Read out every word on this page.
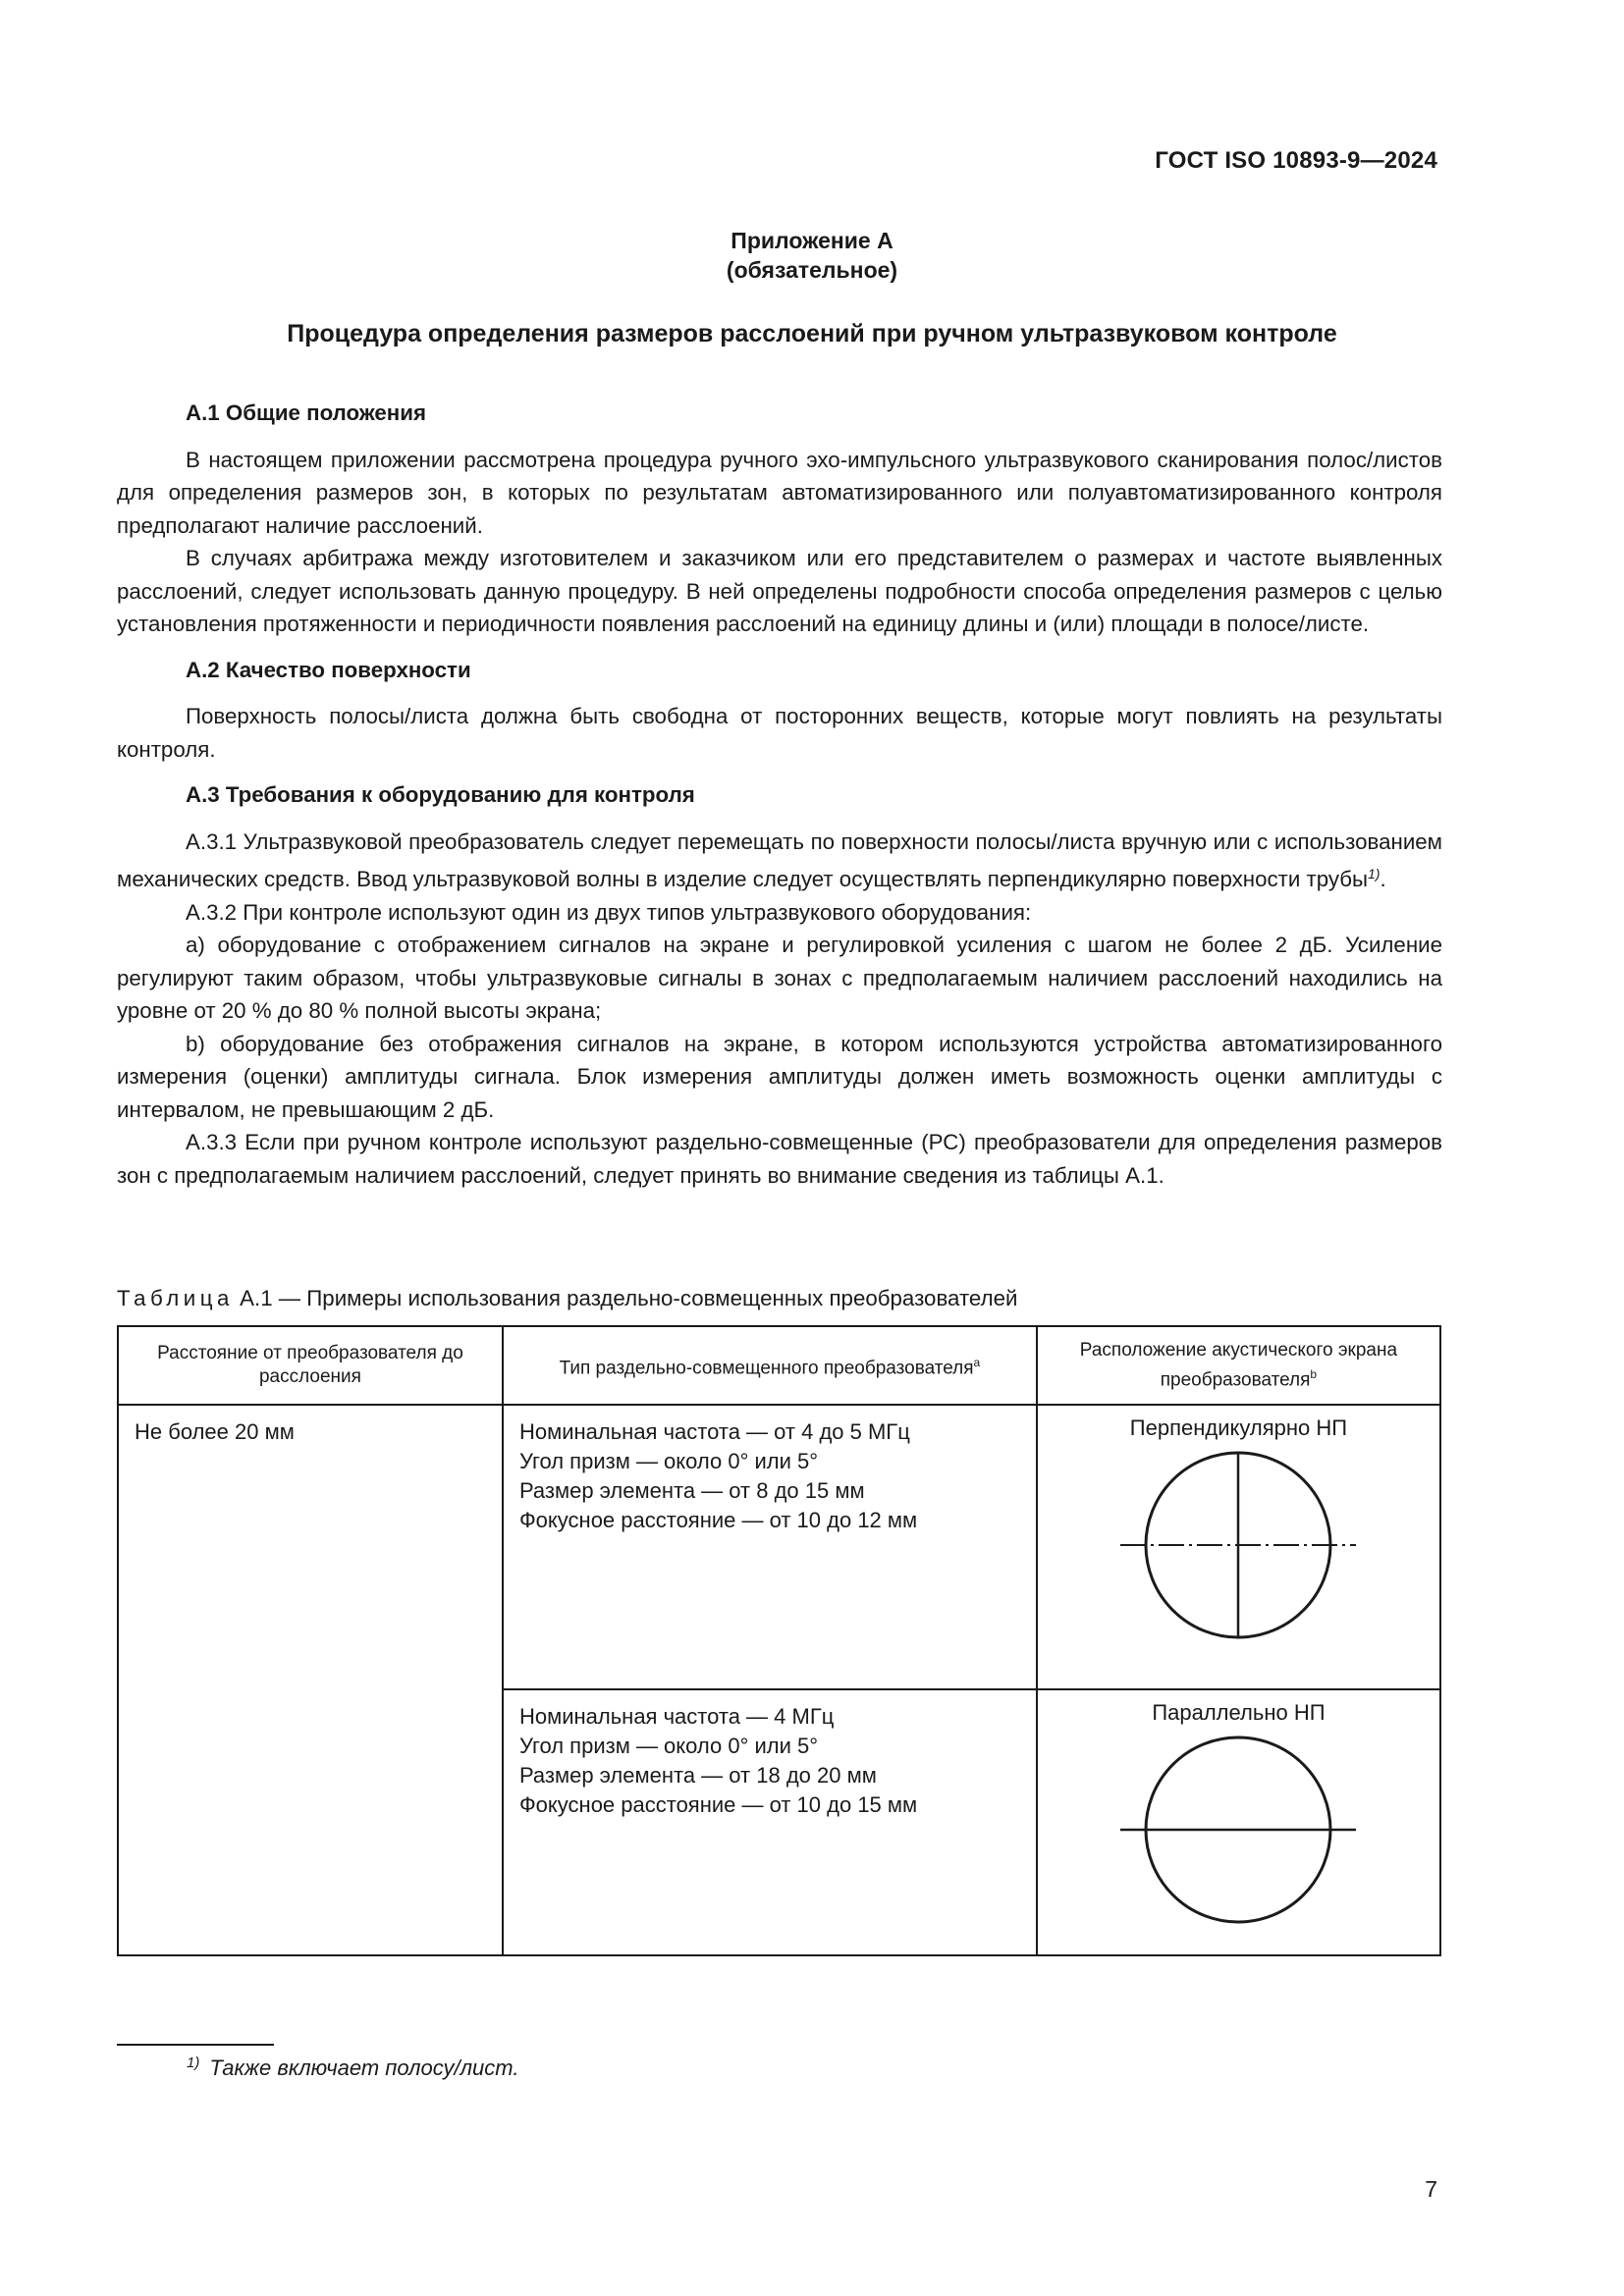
ГОСТ ISO 10893-9—2024
Приложение А
(обязательное)
Процедура определения размеров расслоений при ручном ультразвуковом контроле
А.1 Общие положения

В настоящем приложении рассмотрена процедура ручного эхо-импульсного ультразвукового сканирования полос/листов для определения размеров зон, в которых по результатам автоматизированного или полуавтоматизированного контроля предполагают наличие расслоений.

В случаях арбитража между изготовителем и заказчиком или его представителем о размерах и частоте выявленных расслоений, следует использовать данную процедуру. В ней определены подробности способа определения размеров с целью установления протяженности и периодичности появления расслоений на единицу длины и (или) площади в полосе/листе.

А.2 Качество поверхности

Поверхность полосы/листа должна быть свободна от посторонних веществ, которые могут повлиять на результаты контроля.

А.3 Требования к оборудованию для контроля

А.3.1 Ультразвуковой преобразователь следует перемещать по поверхности полосы/листа вручную или с использованием механических средств. Ввод ультразвуковой волны в изделие следует осуществлять перпендикулярно поверхности трубы$^{1)}$.

А.3.2 При контроле используют один из двух типов ультразвукового оборудования:

a) оборудование с отображением сигналов на экране и регулировкой усиления с шагом не более 2 дБ. Усиление регулируют таким образом, чтобы ультразвуковые сигналы в зонах с предполагаемым наличием расслоений находились на уровне от 20 % до 80 % полной высоты экрана;

b) оборудование без отображения сигналов на экране, в котором используются устройства автоматизированного измерения (оценки) амплитуды сигнала. Блок измерения амплитуды должен иметь возможность оценки амплитуды с интервалом, не превышающим 2 дБ.

А.3.3 Если при ручном контроле используют раздельно-совмещенные (РС) преобразователи для определения размеров зон с предполагаемым наличием расслоений, следует принять во внимание сведения из таблицы А.1.

Таблица А.1 — Примеры использования раздельно-совмещенных преобразователей
Расстояние от преобразователя до расслоения	Тип раздельно-совмещенного преобразователя$^a$	Расположение акустического экрана преобразователя$^b$
Не более 20 мм	Номинальная частота — от 4 до 5 МГц
Угол призм — около 0° или 5°
Размер элемента — от 8 до 15 мм
Фокусное расстояние — от 10 до 12 мм	Перпендикулярно НП

	Номинальная частота — 4 МГц
Угол призм — около 0° или 5°
Размер элемента — от 18 до 20 мм
Фокусное расстояние — от 10 до 15 мм	Параллельно НП
$^{1)}$ Также включает полосу/лист.
7
